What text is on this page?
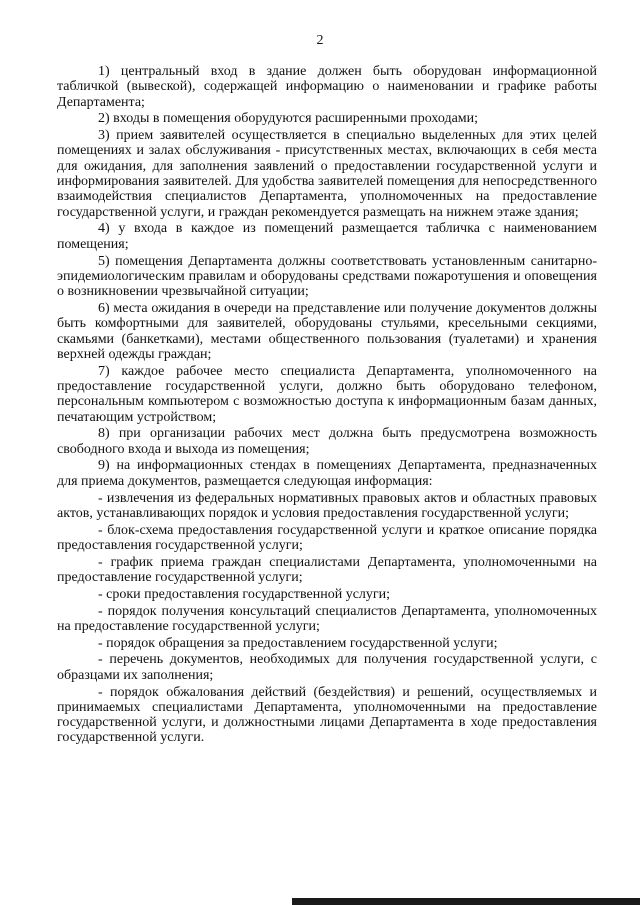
2

1) центральный вход в здание должен быть оборудован информационной табличкой (вывеской), содержащей информацию о наименовании и графике работы Департамента;

2) входы в помещения оборудуются расширенными проходами;

3) прием заявителей осуществляется в специально выделенных для этих целей помещениях и залах обслуживания - присутственных местах, включающих в себя места для ожидания, для заполнения заявлений о предоставлении государственной услуги и информирования заявителей. Для удобства заявителей помещения для непосредственного взаимодействия специалистов Департамента, уполномоченных на предоставление государственной услуги, и граждан рекомендуется размещать на нижнем этаже здания;

4) у входа в каждое из помещений размещается табличка с наименованием помещения;

5) помещения Департамента должны соответствовать установленным санитарно-эпидемиологическим правилам и оборудованы средствами пожаротушения и оповещения о возникновении чрезвычайной ситуации;

6) места ожидания в очереди на представление или получение документов должны быть комфортными для заявителей, оборудованы стульями, кресельными секциями, скамьями (банкетками), местами общественного пользования (туалетами) и хранения верхней одежды граждан;

7) каждое рабочее место специалиста Департамента, уполномоченного на предоставление государственной услуги, должно быть оборудовано телефоном, персональным компьютером с возможностью доступа к информационным базам данных, печатающим устройством;

8) при организации рабочих мест должна быть предусмотрена возможность свободного входа и выхода из помещения;

9) на информационных стендах в помещениях Департамента, предназначенных для приема документов, размещается следующая информация:

- извлечения из федеральных нормативных правовых актов и областных правовых актов, устанавливающих порядок и условия предоставления государственной услуги;

- блок-схема предоставления государственной услуги и краткое описание порядка предоставления государственной услуги;

- график приема граждан специалистами Департамента, уполномоченными на предоставление государственной услуги;

- сроки предоставления государственной услуги;

- порядок получения консультаций специалистов Департамента, уполномоченных на предоставление государственной услуги;

- порядок обращения за предоставлением государственной услуги;

- перечень документов, необходимых для получения государственной услуги, с образцами их заполнения;

- порядок обжалования действий (бездействия) и решений, осуществляемых и принимаемых специалистами Департамента, уполномоченными на предоставление государственной услуги, и должностными лицами Департамента в ходе предоставления государственной услуги.
